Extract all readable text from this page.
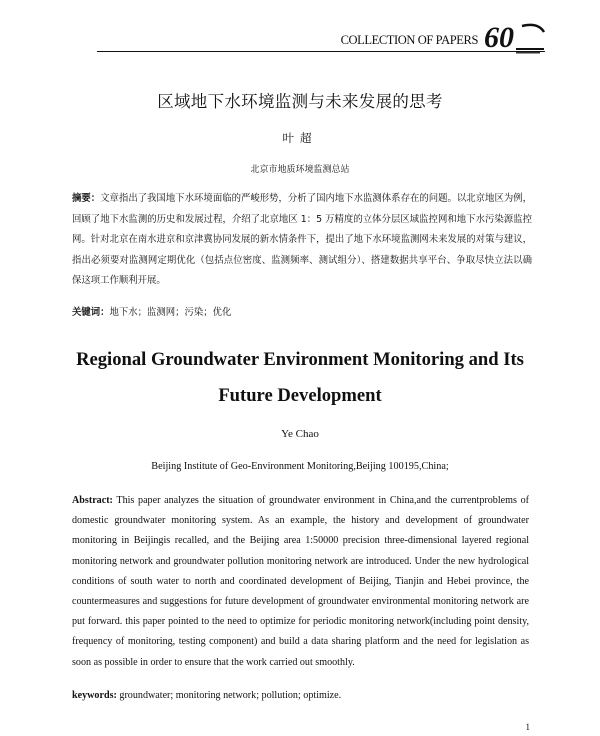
COLLECTION OF PAPERS 60
区域地下水环境监测与未来发展的思考
叶超
北京市地质环境监测总站
摘要：文章指出了我国地下水环境面临的严峻形势，分析了国内地下水监测体系存在的问题。以北京地区为例，回顾了地下水监测的历史和发展过程，介绍了北京地区 1：5 万精度的立体分层区域监控网和地下水污染源监控网。针对北京在南水进京和京津冀协同发展的新水情条件下，提出了地下水环境监测网未来发展的对策与建议，指出必须要对监测网定期优化（包括点位密度、监测频率、测试组分）、搭建数据共享平台、争取尽快立法以确保这项工作顺利开展。
关键词：地下水；监测网；污染；优化
Regional Groundwater Environment Monitoring and Its Future Development
Ye Chao
Beijing Institute of Geo-Environment Monitoring,Beijing 100195,China;
Abstract: This paper analyzes the situation of groundwater environment in China,and the currentproblems of domestic groundwater monitoring system. As an example, the history and development of groundwater monitoring in Beijingis recalled, and the Beijing area 1:50000 precision three-dimensional layered regional monitoring network and groundwater pollution monitoring network are introduced. Under the new hydrological conditions of south water to north and coordinated development of Beijing, Tianjin and Hebei province, the countermeasures and suggestions for future development of groundwater environmental monitoring network are put forward. this paper pointed to the need to optimize for periodic monitoring network(including point density, frequency of monitoring, testing component) and build a data sharing platform and the need for legislation as soon as possible in order to ensure that the work carried out smoothly.
keywords: groundwater; monitoring network; pollution; optimize.
1
